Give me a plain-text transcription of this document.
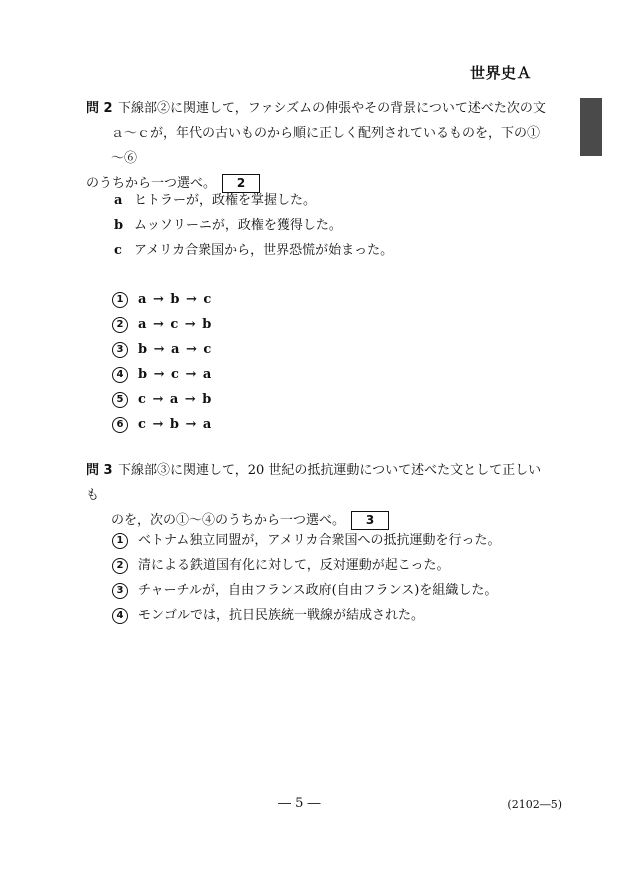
世界史Ａ
問 2 下線部②に関連して，ファシズムの伸張やその背景について述べた次の文
ａ～ｃが，年代の古いものから順に正しく配列されているものを，下の①～⑥
のうちから一つ選べ。 2
a ヒトラーが，政権を掌握した。
b ムッソリーニが，政権を獲得した。
c アメリカ合衆国から，世界恐慌が始まった。
1 a → b → c
2 a → c → b
3 b → a → c
4 b → c → a
5 c → a → b
6 c → b → a
問 3 下線部③に関連して，20 世紀の抵抗運動について述べた文として正しいも
のを，次の①～④のうちから一つ選べ。 3
1 ベトナム独立同盟が，アメリカ合衆国への抵抗運動を行った。
2 清による鉄道国有化に対して，反対運動が起こった。
3 チャーチルが，自由フランス政府(自由フランス)を組織した。
4 モンゴルでは，抗日民族統一戦線が結成された。
― 5 ―	(2102―5)
